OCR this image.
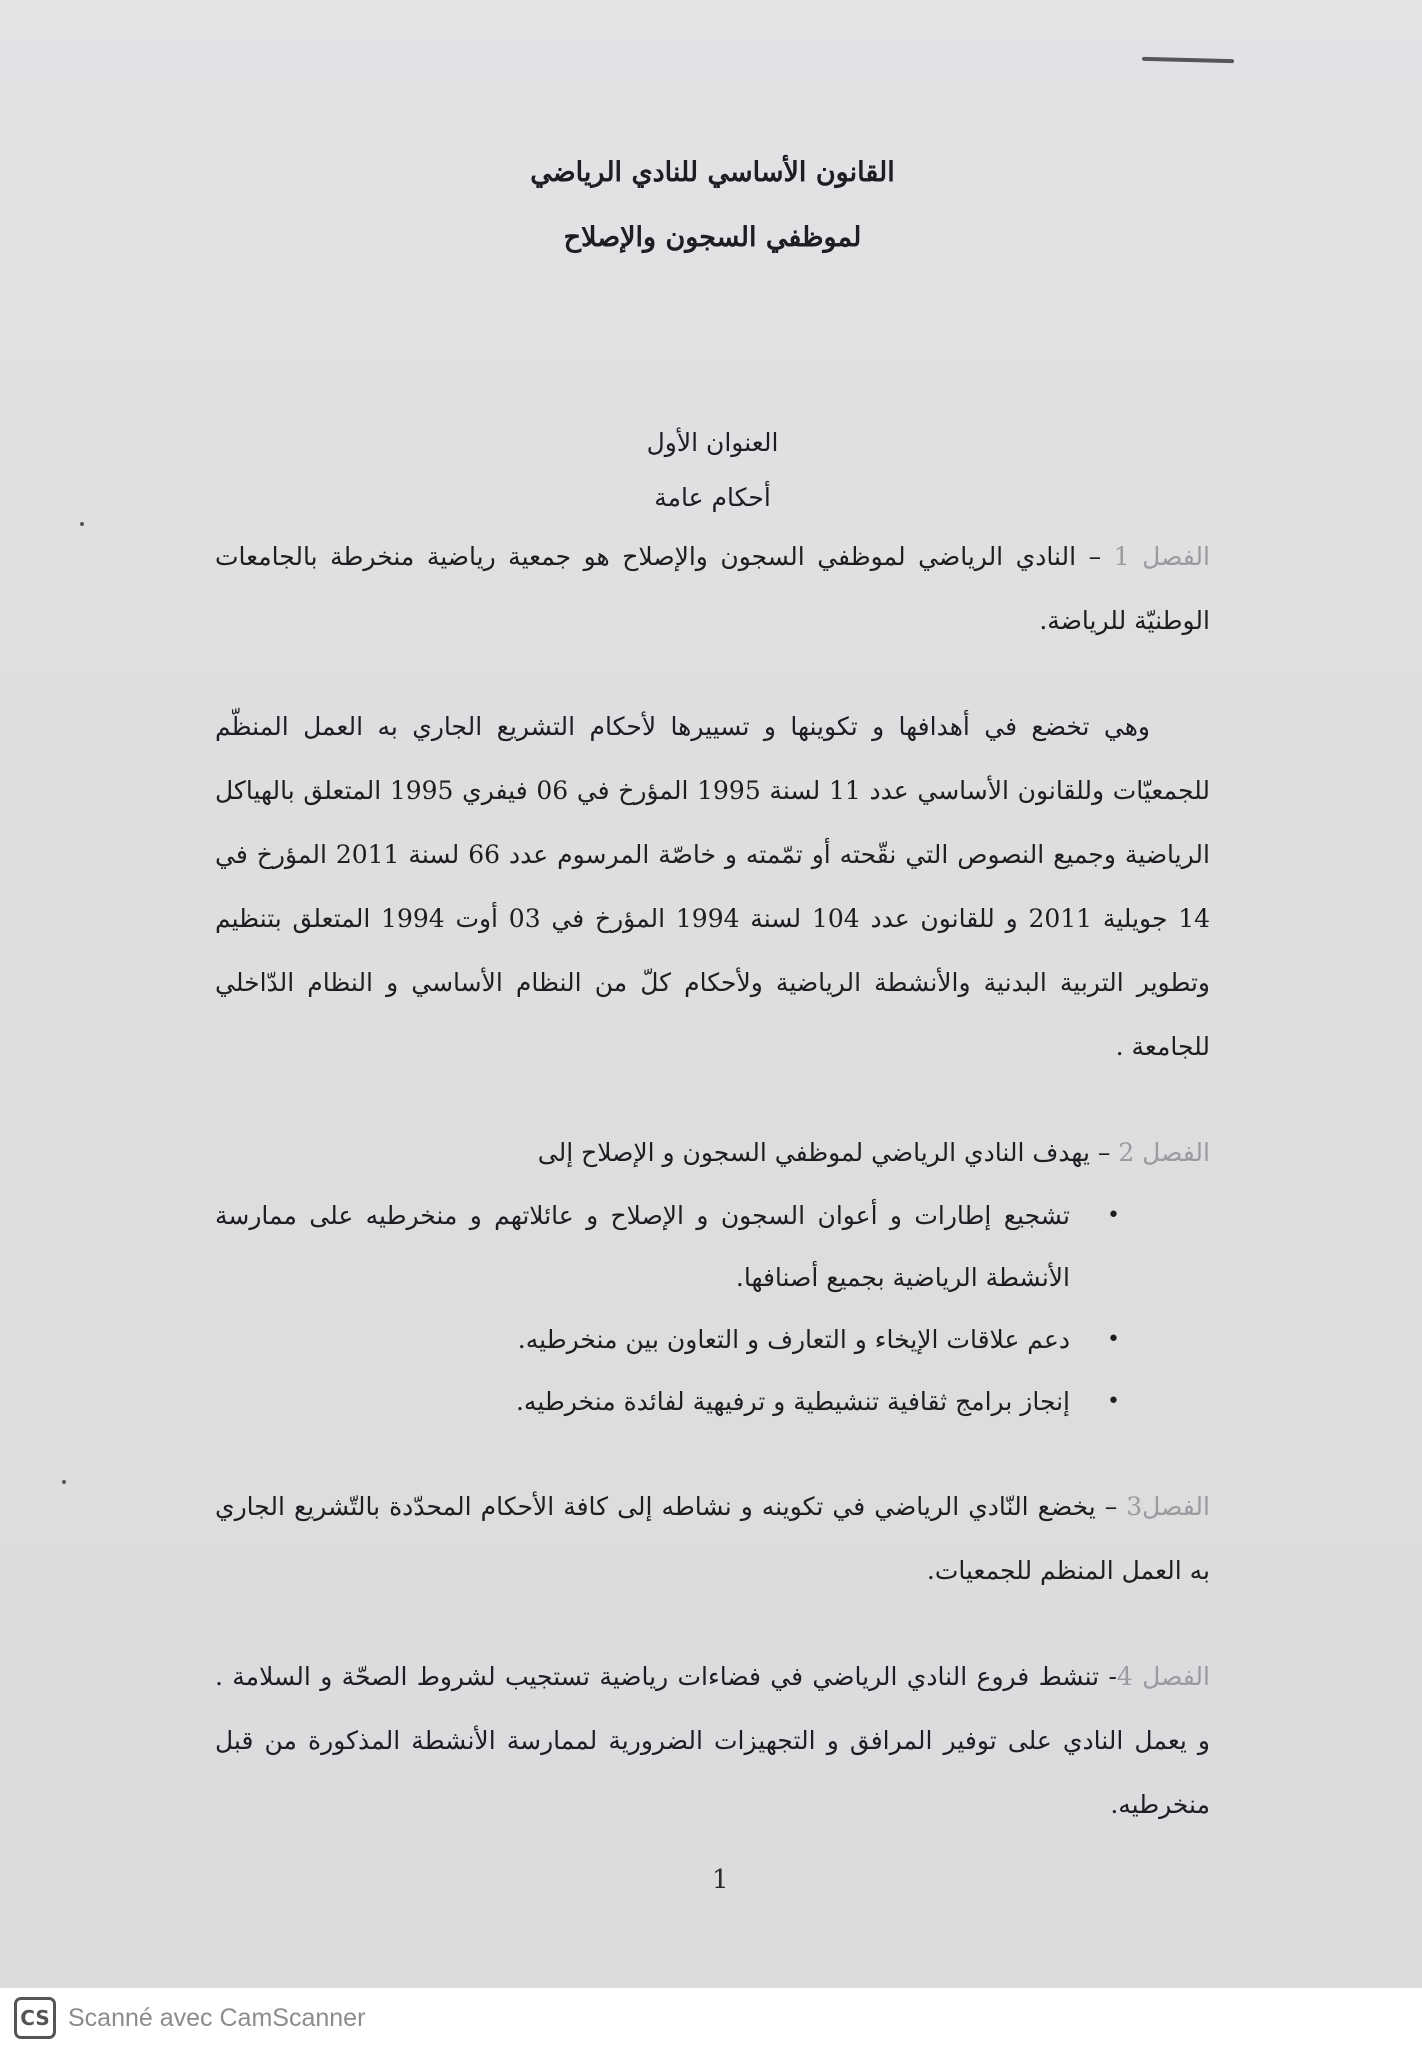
القانون الأساسي للنادي الرياضي

لموظفي السجون والإصلاح

العنوان الأول

أحكام عامة

الفصل 1 – النادي الرياضي لموظفي السجون والإصلاح هو جمعية رياضية منخرطة بالجامعات الوطنيّة للرياضة.

وهي تخضع في أهدافها و تكوينها و تسييرها لأحكام التشريع الجاري به العمل المنظّم للجمعيّات وللقانون الأساسي عدد 11 لسنة 1995 المؤرخ في 06 فيفري 1995 المتعلق بالهياكل الرياضية وجميع النصوص التي نقّحته أو تمّمته و خاصّة المرسوم عدد 66 لسنة 2011 المؤرخ في 14 جويلية 2011 و للقانون عدد 104 لسنة 1994 المؤرخ في 03 أوت 1994 المتعلق بتنظيم وتطوير التربية البدنية والأنشطة الرياضية ولأحكام كلّ من النظام الأساسي و النظام الدّاخلي للجامعة .

الفصل 2 – يهدف النادي الرياضي لموظفي السجون و الإصلاح إلى

•
تشجيع إطارات و أعوان السجون و الإصلاح و عائلاتهم و منخرطيه على ممارسة الأنشطة الرياضية بجميع أصنافها.
•
دعم علاقات الإيخاء و التعارف و التعاون بين منخرطيه.
•
إنجاز برامج ثقافية تنشيطية و ترفيهية لفائدة منخرطيه.

الفصل3 – يخضع النّادي الرياضي في تكوينه و نشاطه إلى كافة الأحكام المحدّدة بالتّشريع الجاري به العمل المنظم للجمعيات.

الفصل 4- تنشط فروع النادي الرياضي في فضاءات رياضية تستجيب لشروط الصحّة و السلامة . و يعمل النادي على توفير المرافق و التجهيزات الضرورية لممارسة الأنشطة المذكورة من قبل منخرطيه.

1
CS Scanné avec CamScanner
